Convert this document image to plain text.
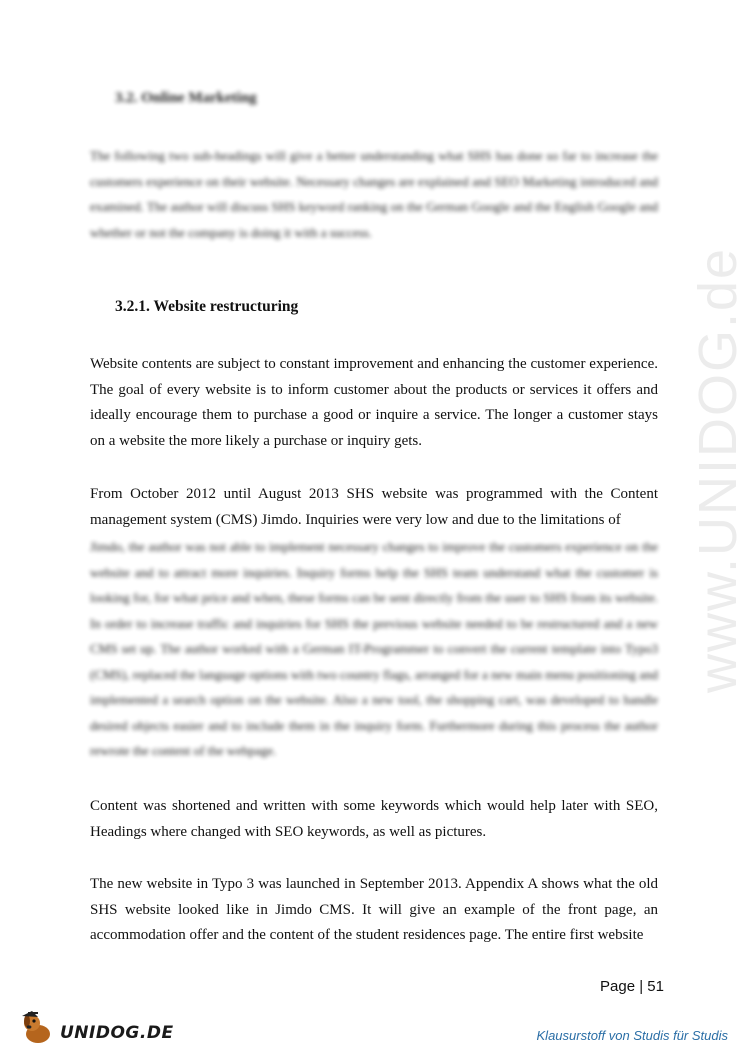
www.UNIDOG.de
3.2. Online Marketing
The following two sub-headings will give a better understanding what SHS has done so far to increase the customers experience on their website. Necessary changes are explained and SEO Marketing introduced and examined. The author will discuss SHS keyword ranking on the German Google and the English Google and whether or not the company is doing it with a success.
3.2.1. Website restructuring
Website contents are subject to constant improvement and enhancing the customer experience. The goal of every website is to inform customer about the products or services it offers and ideally encourage them to purchase a good or inquire a service. The longer a customer stays on a website the more likely a purchase or inquiry gets.
From October 2012 until August 2013 SHS website was programmed with the Content management system (CMS) Jimdo. Inquiries were very low and due to the limitations of
Jimdo, the author was not able to implement necessary changes to improve the customers experience on the website and to attract more inquiries. Inquiry forms help the SHS team understand what the customer is looking for, for what price and when, these forms can be sent directly from the user to SHS from its website. In order to increase traffic and inquiries for SHS the previous website needed to be restructured and a new CMS set up. The author worked with a German IT-Programmer to convert the current template into Typo3 (CMS), replaced the language options with two country flags, arranged for a new main menu positioning and implemented a search option on the website. Also a new tool, the shopping cart, was developed to handle desired objects easier and to include them in the inquiry form. Furthermore during this process the author rewrote the content of the webpage.
Content was shortened and written with some keywords which would help later with SEO, Headings where changed with SEO keywords, as well as pictures.
The new website in Typo 3 was launched in September 2013. Appendix A shows what the old SHS website looked like in Jimdo CMS. It will give an example of the front page, an accommodation offer and the content of the student residences page. The entire first website
Page | 51
UNIDOG.DE	Klausurstoff von Studis für Studis
